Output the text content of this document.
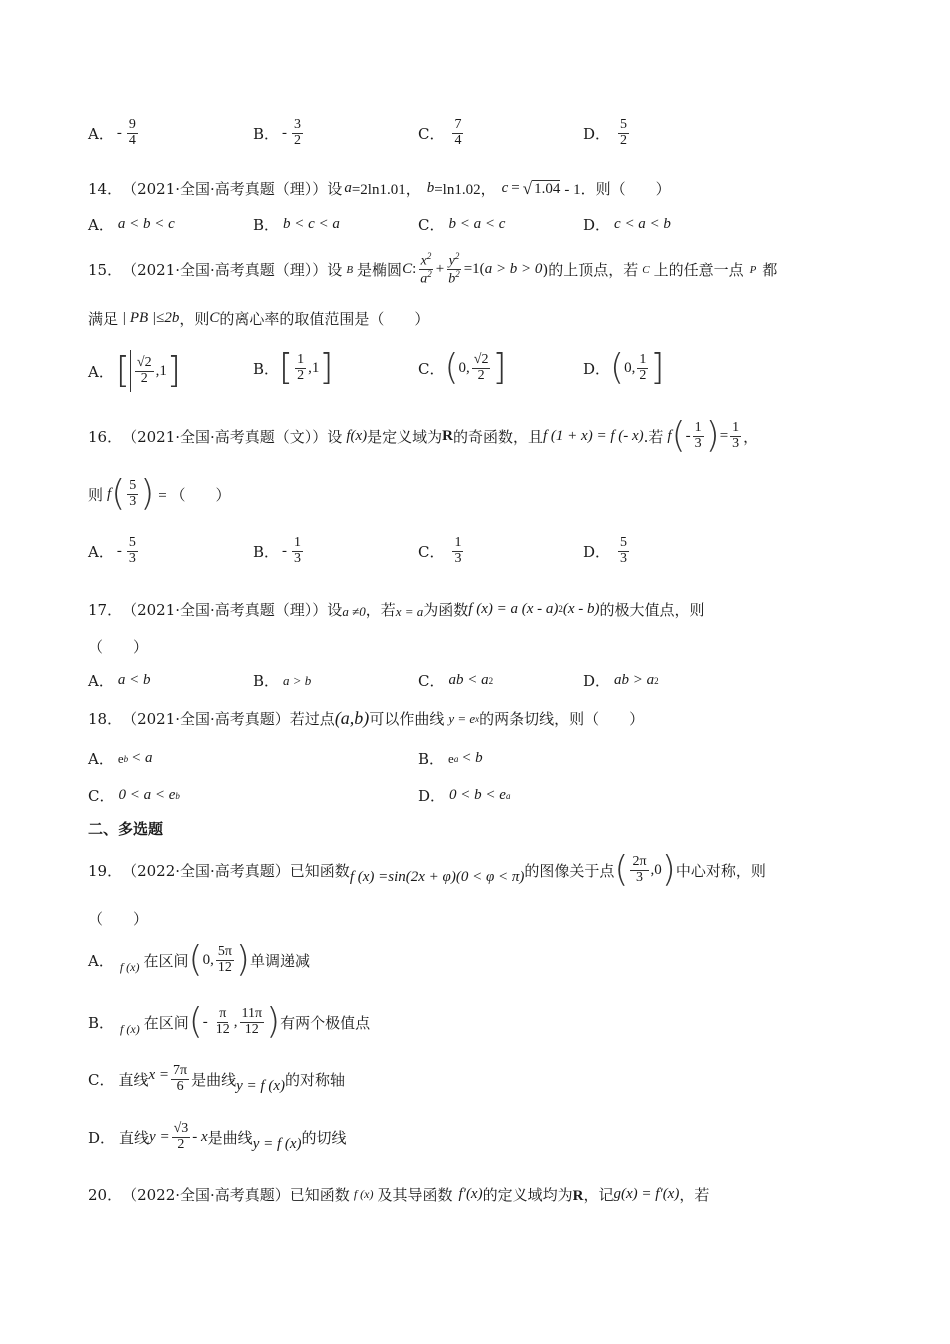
A． - $\frac{9}{4}$	B． - $\frac{3}{2}$	C． $\frac{7}{4}$	D． $\frac{5}{2}$
14． （2021·全国·高考真题（理））设 a =2ln1.01， b =ln1.02， c = √ 1.04 - 1．则（　　）
A． a < b < c	B． b < c < a	C． b < a < c	D． c < a < b
15． （2021·全国·高考真题（理））设 B 是椭圆 C : $\frac{x^2}{a^2} + \frac{y^2}{b^2} =1$( a > b > 0 )的上顶点，若 C 上的任意一点 P 都
满足 | PB |≤2 b ，则 C 的离心率的取值范围是（　　）
A． [ $\frac{√2}{2} ,1$ ]	B． [ $\frac{1}{2} ,1$ ]	C． ( 0, $\frac{√2}{2}$ ]	D． ( 0, $\frac{1}{2}$ ]
16． （2021·全国·高考真题（文））设 f (x) 是定义域为 R 的奇函数，且 f (1 + x) = f (- x) .若 f ( - $\frac{1}{3}$ ) = $\frac{1}{3}$ ，
则 f ( $\frac{5}{3}$ ) = （　　）
A． - $\frac{5}{3}$	B． - $\frac{1}{3}$	C． $\frac{1}{3}$	D． $\frac{5}{3}$
17． （2021·全国·高考真题（理））设 a ≠0 ，若 x = a 为函数 f (x) = a (x - a) 2 (x - b) 的极大值点，则
（　　）
A． a < b	B． a > b	C． ab < a 2	D． ab > a 2
18． （2021·全国·高考真题）若过点 (a,b) 可以作曲线 y = e x 的两条切线，则（　　）
A． e b < a	B． e a < b
C． 0 < a < e b	D． 0 < b < e a
二、多选题
19． （2022·全国·高考真题）已知函数 f (x) =sin(2x + φ)(0 < φ < π) 的图像关于点 ( $\frac{2\pi}{3} ,0$ ) 中心对称，则
（　　）
A． f (x) 在区间 ( 0, $\frac{5\pi}{12}$ ) 单调递减
B． f (x) 在区间 ( - $\frac{\pi}{12}$ , $\frac{11\pi}{12}$ ) 有两个极值点
C． 直线 $x = \frac{7\pi}{6}$ 是曲线 y = f (x) 的对称轴
D． 直线 $y = \frac{√3}{2} - x$ 是曲线 y = f (x) 的切线
20． （2022·全国·高考真题）已知函数 f (x) 及其导函数 f ′(x) 的定义域均为 R ，记 g(x) = f ′(x) ，若
